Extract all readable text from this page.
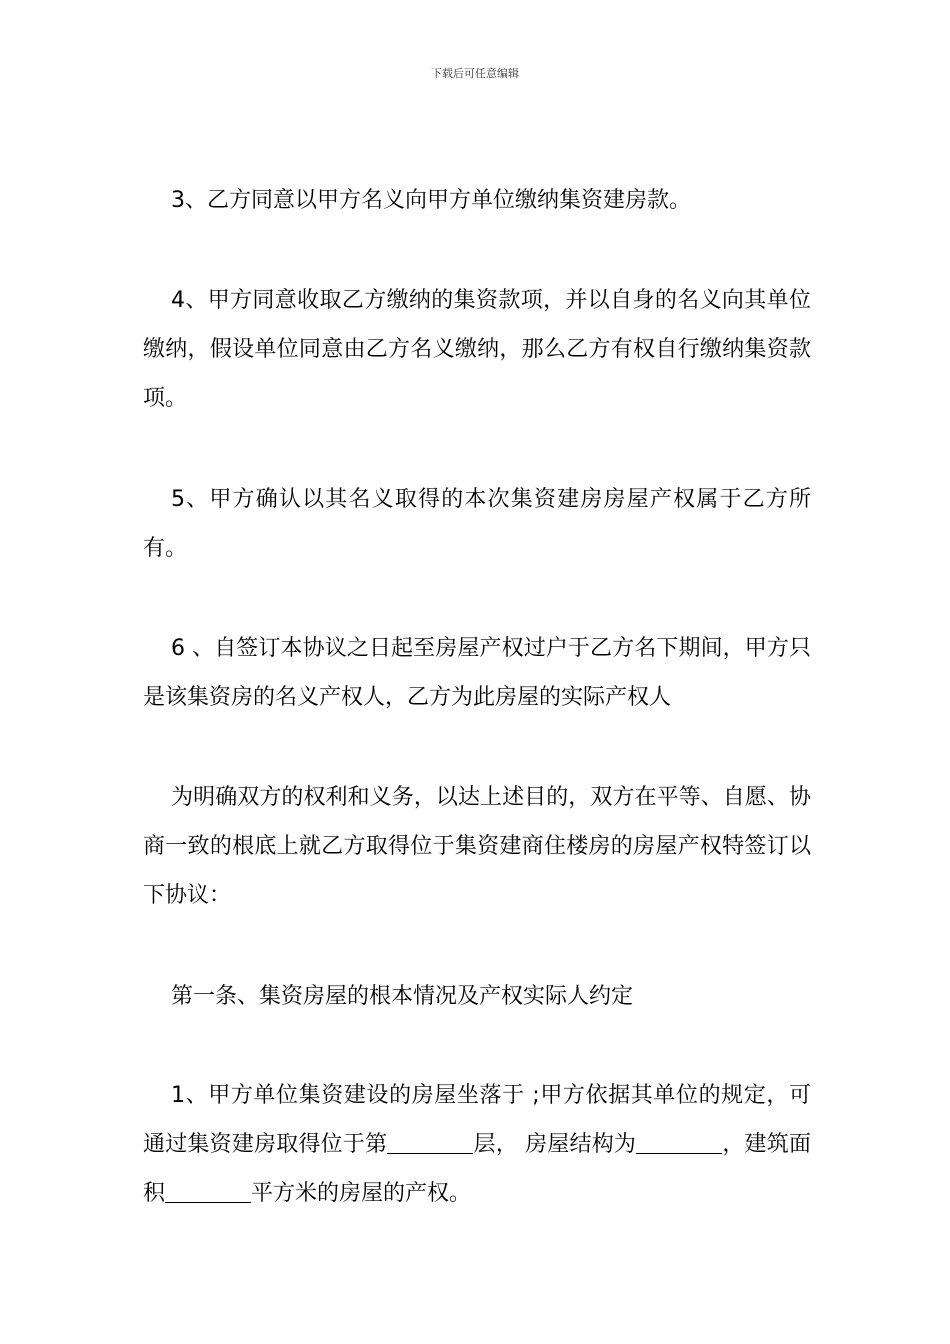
下载后可任意编辑
3、乙方同意以甲方名义向甲方单位缴纳集资建房款。
4、甲方同意收取乙方缴纳的集资款项，并以自身的名义向其单位缴纳，假设单位同意由乙方名义缴纳，那么乙方有权自行缴纳集资款项。
5、甲方确认以其名义取得的本次集资建房房屋产权属于乙方所有。
6 、自签订本协议之日起至房屋产权过户于乙方名下期间，甲方只是该集资房的名义产权人，乙方为此房屋的实际产权人
为明确双方的权利和义务，以达上述目的，双方在平等、自愿、协商一致的根底上就乙方取得位于集资建商住楼房的房屋产权特签订以下协议：
第一条、集资房屋的根本情况及产权实际人约定
1、甲方单位集资建设的房屋坐落于 ;甲方依据其单位的规定，可通过集资建房取得位于第	层， 房屋结构为	，建筑面积	平方米的房屋的产权。
